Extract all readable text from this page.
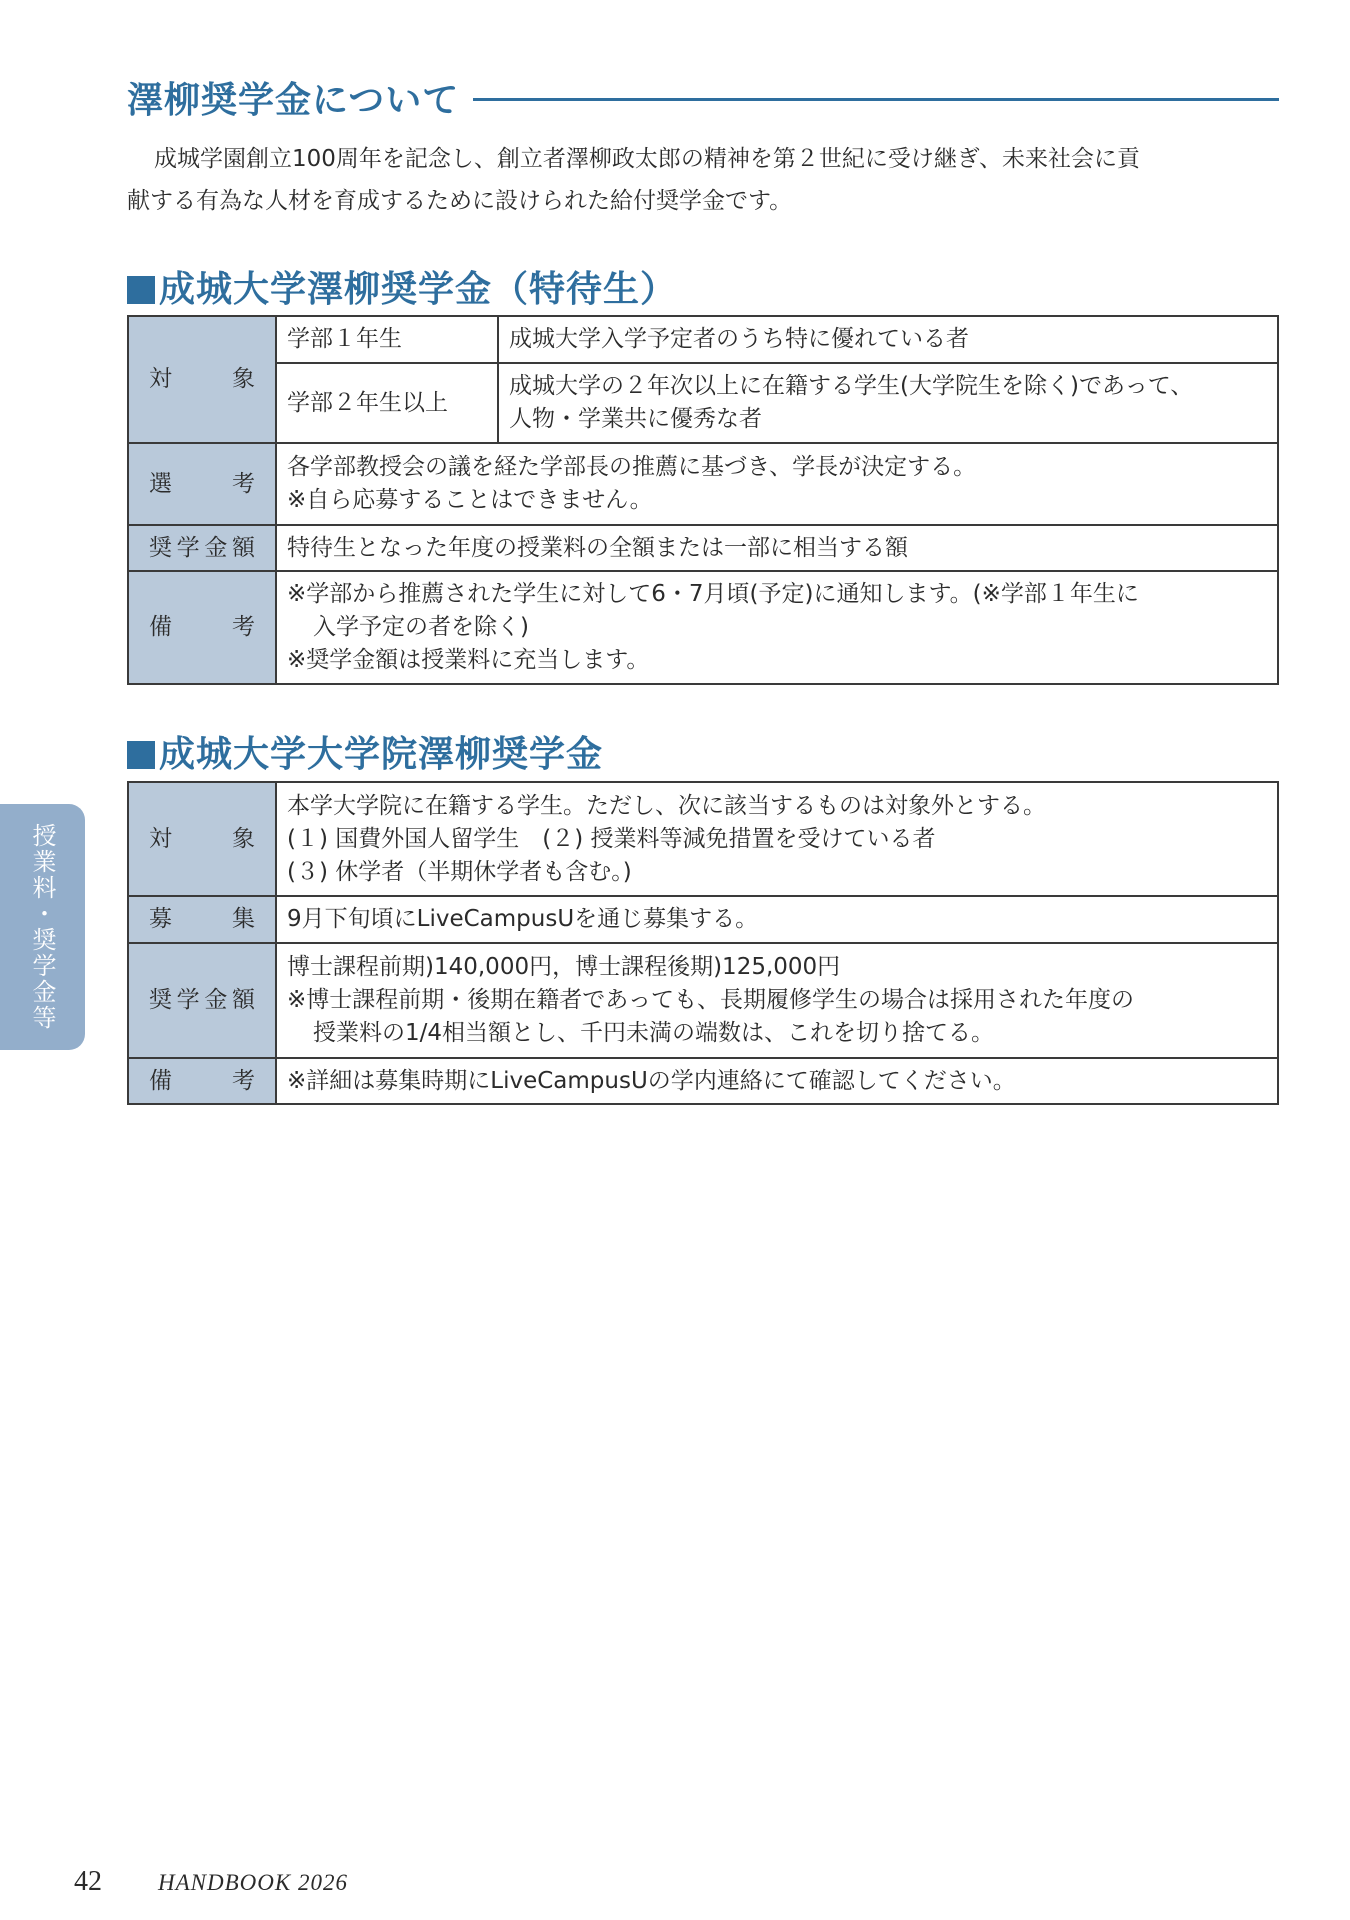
澤柳奨学金について

成城学園創立100周年を記念し、創立者澤柳政太郎の精神を第２世紀に受け継ぎ、未来社会に貢

献する有為な人材を育成するために設けられた給付奨学金です。

成城大学澤柳奨学金（特待生）
対　象	学部１年生	成城大学入学予定者のうち特に優れている者
	学部２年生以上	成城大学の２年次以上に在籍する学生(大学院生を除く)であって、
人物・学業共に優秀な者

選　考	各学部教授会の議を経た学部長の推薦に基づき、学長が決定する。
※自ら応募することはできません。	

奨学金額	特待生となった年度の授業料の全額または一部に相当する額	
備　考	※学部から推薦された学生に対して6・7月頃(予定)に通知します。(※学部１年生に
入学予定の者を除く)
※奨学金額は授業料に充当します。	
成城大学大学院澤柳奨学金
対　象	本学大学院に在籍する学生。ただし、次に該当するものは対象外とする。
(１) 国費外国人留学生　(２) 授業料等減免措置を受けている者
(３) 休学者（半期休学者も含む。)

募　集	9月下旬頃にLiveCampusUを通じ募集する。
奨学金額	博士課程前期)140,000円，博士課程後期)125,000円
※博士課程前期・後期在籍者であっても、長期履修学生の場合は採用された年度の
授業料の1/4相当額とし、千円未満の端数は、これを切り捨てる。

備　考	※詳細は募集時期にLiveCampusUの学内連絡にて確認してください。
授業料・奨学金等
42 HANDBOOK 2026
